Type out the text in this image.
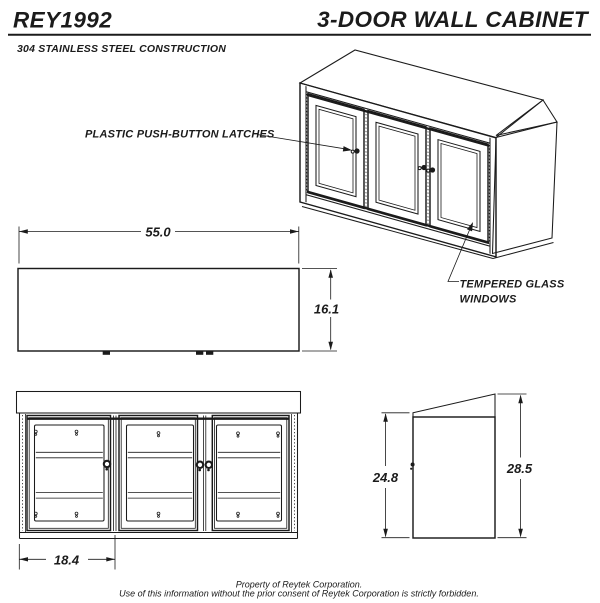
REY1992	3-DOOR WALL CABINET
304 STAINLESS STEEL CONSTRUCTION
PLASTIC PUSH-BUTTON LATCHES
TEMPERED GLASS
WINDOWS
55.0
16.1
18.4
24.8
28.5
Property of Reytek Corporation.
Use of this information without the prior consent of Reytek Corporation is strictly forbidden.
